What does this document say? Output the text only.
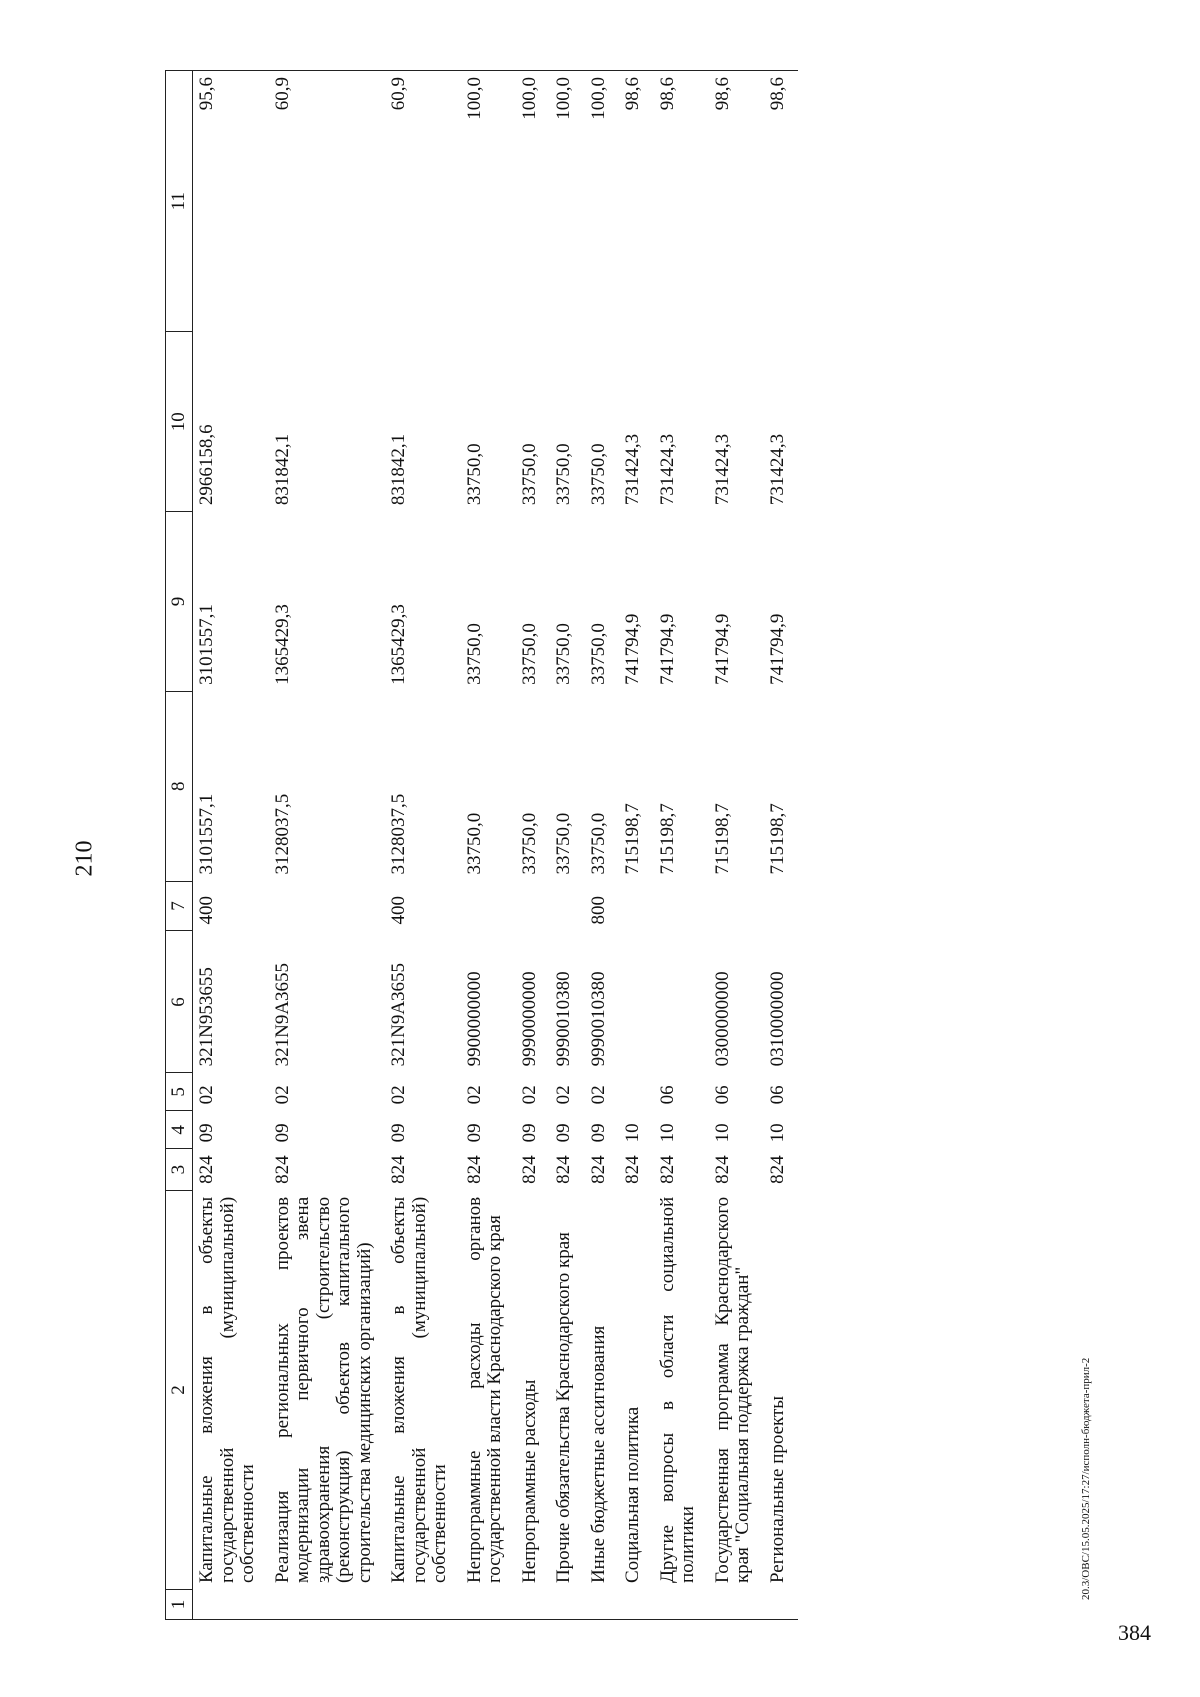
210
1	2	3	4	5	6	7	8	9	10	11
	Капитальные вложения в объекты государственной (муниципальной) собственности	824	09	02	321N953655	400	3101557,1	3101557,1	2966158,6	95,6
	Реализация региональных проектов модернизации первичного звена здравоохранения (строительство (реконструкция) объектов капитального строительства медицинских организаций)	824	09	02	321N9A3655		3128037,5	1365429,3	831842,1	60,9
	Капитальные вложения в объекты государственной (муниципальной) собственности	824	09	02	321N9A3655	400	3128037,5	1365429,3	831842,1	60,9
	Непрограммные расходы органов государственной власти Краснодарского края	824	09	02	9900000000		33750,0	33750,0	33750,0	100,0
	Непрограммные расходы	824	09	02	9990000000		33750,0	33750,0	33750,0	100,0
	Прочие обязательства Краснодарского края	824	09	02	9990010380		33750,0	33750,0	33750,0	100,0
	Иные бюджетные ассигнования	824	09	02	9990010380	800	33750,0	33750,0	33750,0	100,0
	Социальная политика	824	10				715198,7	741794,9	731424,3	98,6
	Другие вопросы в области социальной политики	824	10	06			715198,7	741794,9	731424,3	98,6
	Государственная программа Краснодарского края "Социальная поддержка граждан"	824	10	06	0300000000		715198,7	741794,9	731424,3	98,6
	Региональные проекты	824	10	06	0310000000		715198,7	741794,9	731424,3	98,6
20.3/ОВС/15.05.2025/17:27/исполн-бюджета-прил-2
384
